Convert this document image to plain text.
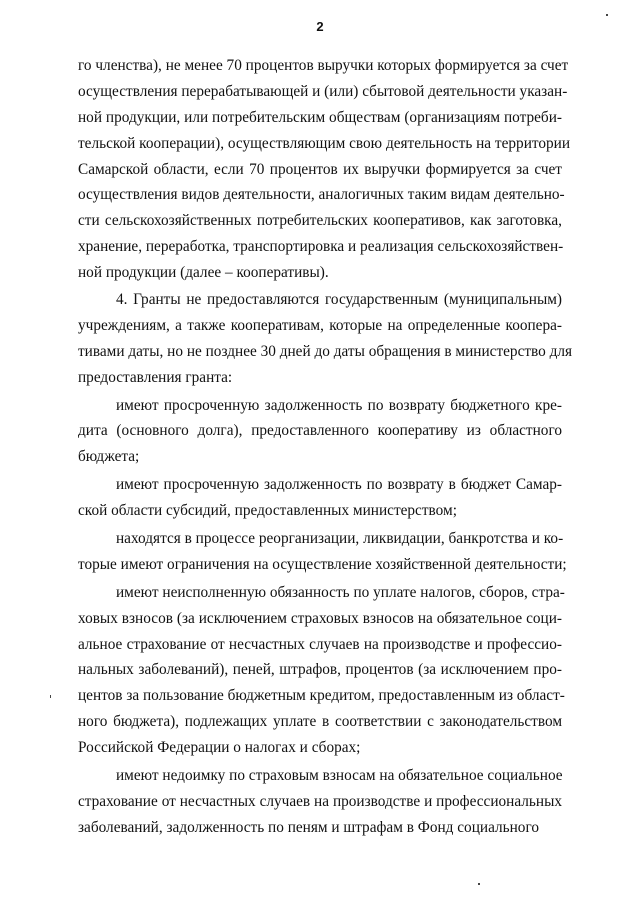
2
го членства), не менее 70 процентов выручки которых формируется за счет
осуществления перерабатывающей и (или) сбытовой деятельности указан-
ной продукции, или потребительским обществам (организациям потреби-
тельской кооперации), осуществляющим свою деятельность на территории
Самарской области, если 70 процентов их выручки формируется за счет
осуществления видов деятельности, аналогичных таким видам деятельно-
сти сельскохозяйственных потребительских кооперативов, как заготовка,
хранение, переработка, транспортировка и реализация сельскохозяйствен-
ной продукции (далее – кооперативы).
4. Гранты не предоставляются государственным (муниципальным)
учреждениям, а также кооперативам, которые на определенные коопера-
тивами даты, но не позднее 30 дней до даты обращения в министерство для
предоставления гранта:
имеют просроченную задолженность по возврату бюджетного кре-
дита (основного долга), предоставленного кооперативу из областного
бюджета;
имеют просроченную задолженность по возврату в бюджет Самар-
ской области субсидий, предоставленных министерством;
находятся в процессе реорганизации, ликвидации, банкротства и ко-
торые имеют ограничения на осуществление хозяйственной деятельности;
имеют неисполненную обязанность по уплате налогов, сборов, стра-
ховых взносов (за исключением страховых взносов на обязательное соци-
альное страхование от несчастных случаев на производстве и профессио-
нальных заболеваний), пеней, штрафов, процентов (за исключением про-
центов за пользование бюджетным кредитом, предоставленным из област-
ного бюджета), подлежащих уплате в соответствии с законодательством
Российской Федерации о налогах и сборах;
имеют недоимку по страховым взносам на обязательное социальное
страхование от несчастных случаев на производстве и профессиональных
заболеваний, задолженность по пеням и штрафам в Фонд социального
